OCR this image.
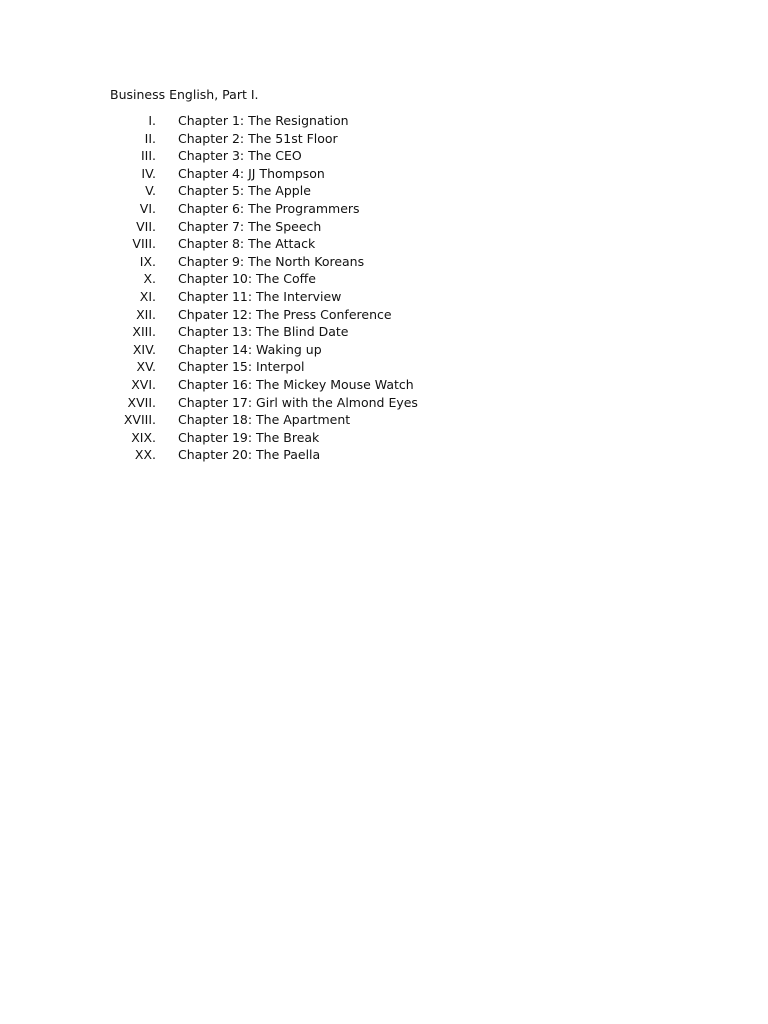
Business English, Part I.
I. Chapter 1: The Resignation
II. Chapter 2: The 51st Floor
III. Chapter 3: The CEO
IV. Chapter 4: JJ Thompson
V. Chapter 5: The Apple
VI. Chapter 6: The Programmers
VII. Chapter 7: The Speech
VIII. Chapter 8: The Attack
IX. Chapter 9: The North Koreans
X. Chapter 10: The Coffe
XI. Chapter 11: The Interview
XII. Chpater 12: The Press Conference
XIII. Chapter 13: The Blind Date
XIV. Chapter 14: Waking up
XV. Chapter 15: Interpol
XVI. Chapter 16: The Mickey Mouse Watch
XVII. Chapter 17: Girl with the Almond Eyes
XVIII. Chapter 18: The Apartment
XIX. Chapter 19: The Break
XX. Chapter 20: The Paella
